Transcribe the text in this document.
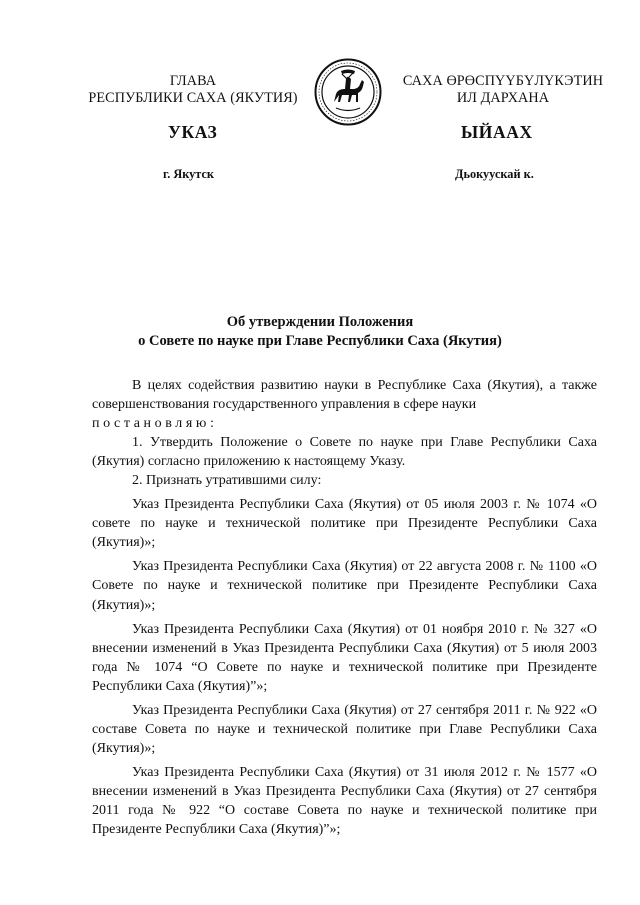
ГЛАВА
РЕСПУБЛИКИ САХА (ЯКУТИЯ)
САХА ӨРӨСПҮҮБҮЛҮКЭТИН
ИЛ ДАРХАНА
УКАЗ	ЫЙААХ
г. Якутск	Дьокуускай к.
Об утверждении Положения
о Совете по науке при Главе Республики Саха (Якутия)

В целях содействия развитию науки в Республике Саха (Якутия), а также совершенствования государственного управления в сфере науки
постановляю:

1. Утвердить Положение о Совете по науке при Главе Республики Саха (Якутия) согласно приложению к настоящему Указу.

2. Признать утратившими силу:

Указ Президента Республики Саха (Якутия) от 05 июля 2003 г. № 1074 «О совете по науке и технической политике при Президенте Республики Саха (Якутия)»;

Указ Президента Республики Саха (Якутия) от 22 августа 2008 г. № 1100 «О Совете по науке и технической политике при Президенте Республики Саха (Якутия)»;

Указ Президента Республики Саха (Якутия) от 01 ноября 2010 г. № 327 «О внесении изменений в Указ Президента Республики Саха (Якутия) от 5 июля 2003 года № 1074 “О Совете по науке и технической политике при Президенте Республики Саха (Якутия)”»;

Указ Президента Республики Саха (Якутия) от 27 сентября 2011 г. № 922 «О составе Совета по науке и технической политике при Главе Республики Саха (Якутия)»;

Указ Президента Республики Саха (Якутия) от 31 июля 2012 г. № 1577 «О внесении изменений в Указ Президента Республики Саха (Якутия) от 27 сентября 2011 года № 922 “О составе Совета по науке и технической политике при Президенте Республики Саха (Якутия)”»;
